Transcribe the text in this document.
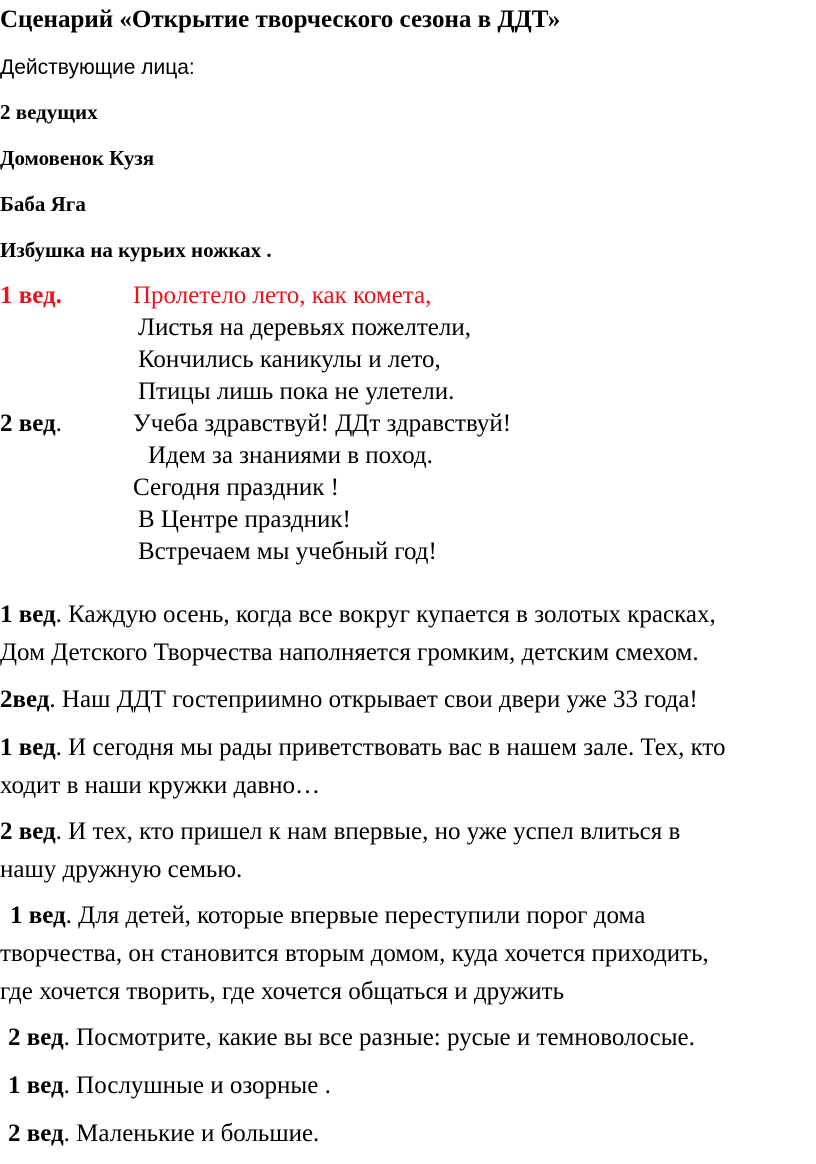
Сценарий «Открытие творческого сезона в ДДТ»
Действующие лица:
2 ведущих
Домовенок Кузя
Баба Яга
Избушка на курьих ножках .
1 вед.	Пролетело лето, как комета,
Листья на деревьях пожелтели,
Кончились каникулы и лето,
Птицы лишь пока не улетели.
2 вед.	Учеба здравствуй! ДДт здравствуй!
Идем за знаниями в поход.
Сегодня праздник !
В Центре праздник!
Встречаем мы учебный год!
1 вед. Каждую осень, когда все вокруг купается в золотых красках,
Дом Детского Творчества наполняется громким, детским смехом.
2вед. Наш ДДТ гостеприимно открывает свои двери уже 33 года!
1 вед. И сегодня мы рады приветствовать вас в нашем зале. Тех, кто
ходит в наши кружки давно…
2 вед. И тех, кто пришел к нам впервые, но уже успел влиться в
нашу дружную семью.
1 вед. Для детей, которые впервые переступили порог дома
творчества, он становится вторым домом, куда хочется приходить,
где хочется творить, где хочется общаться и дружить
2 вед. Посмотрите, какие вы все разные: русые и темноволосые.
1 вед. Послушные и озорные .
2 вед. Маленькие и большие.
